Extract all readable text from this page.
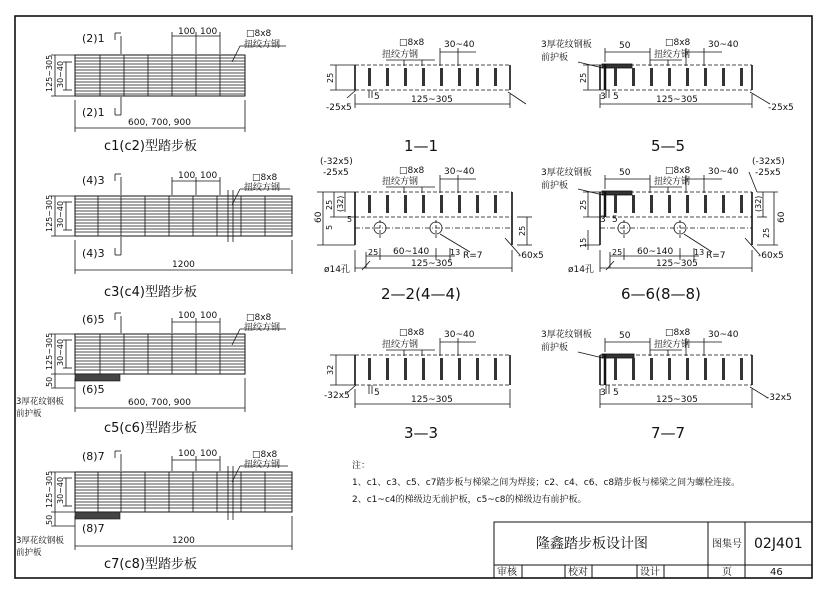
(2)1
(2)1
100 100	□8x8
扭绞方钢
600, 700, 900
125~305 30~40
c1(c2)型踏步板
(4)3
(4)3
100 100	□8x8
扭绞方钢
1200
125~305 30~40
c3(c4)型踏步板
(6)5
(6)5
100 100	□8x8
扭绞方钢
600, 700, 900
125~305 30~40
50
3厚花纹钢板前护板
c5(c6)型踏步板
(8)7
(8)7
100 100	□8x8
扭绞方钢
1200
125~305 30~40
50
3厚花纹钢板前护板
c7(c8)型踏步板
□8x8
扭绞方钢
30~40
25
-25x5
5	125~305
1—1
3厚花纹钢板
前护板
50	□8x8
扭绞方钢
30~40
25
3 5	125~305
-25x5
5—5
(-32x5)
-25x5	□8x8
扭绞方钢
30~40
60
25 (32)
5
5
25
25 60~140	13 R=7	-60x5
ø14孔
125~305
2—2(4—4)
3厚花纹钢板
前护板
50	□8x8
扭绞方钢
30~40
(-32x5)
-25x5
25	(32)
60
15
25
3 5
25 60~140	13 R=7	-60x5
ø14孔
125~305
6—6(8—8)
□8x8
扭绞方钢
30~40
32
-32x5	5
125~305
3—3
3厚花纹钢板
前护板
50	□8x8
扭绞方钢
30~40
3 5
125~305	-32x5
7—7
注：
1、c1、c3、c5、c7踏步板与梯梁之间为焊接；c2、c4、c6、c8踏步板与梯梁之间为螺栓连接。
2、c1~c4的梯级边无前护板，c5~c8的梯级边有前护板。
隆鑫踏步板设计图	图集号 02J401
审核	校对	设计	页	46
